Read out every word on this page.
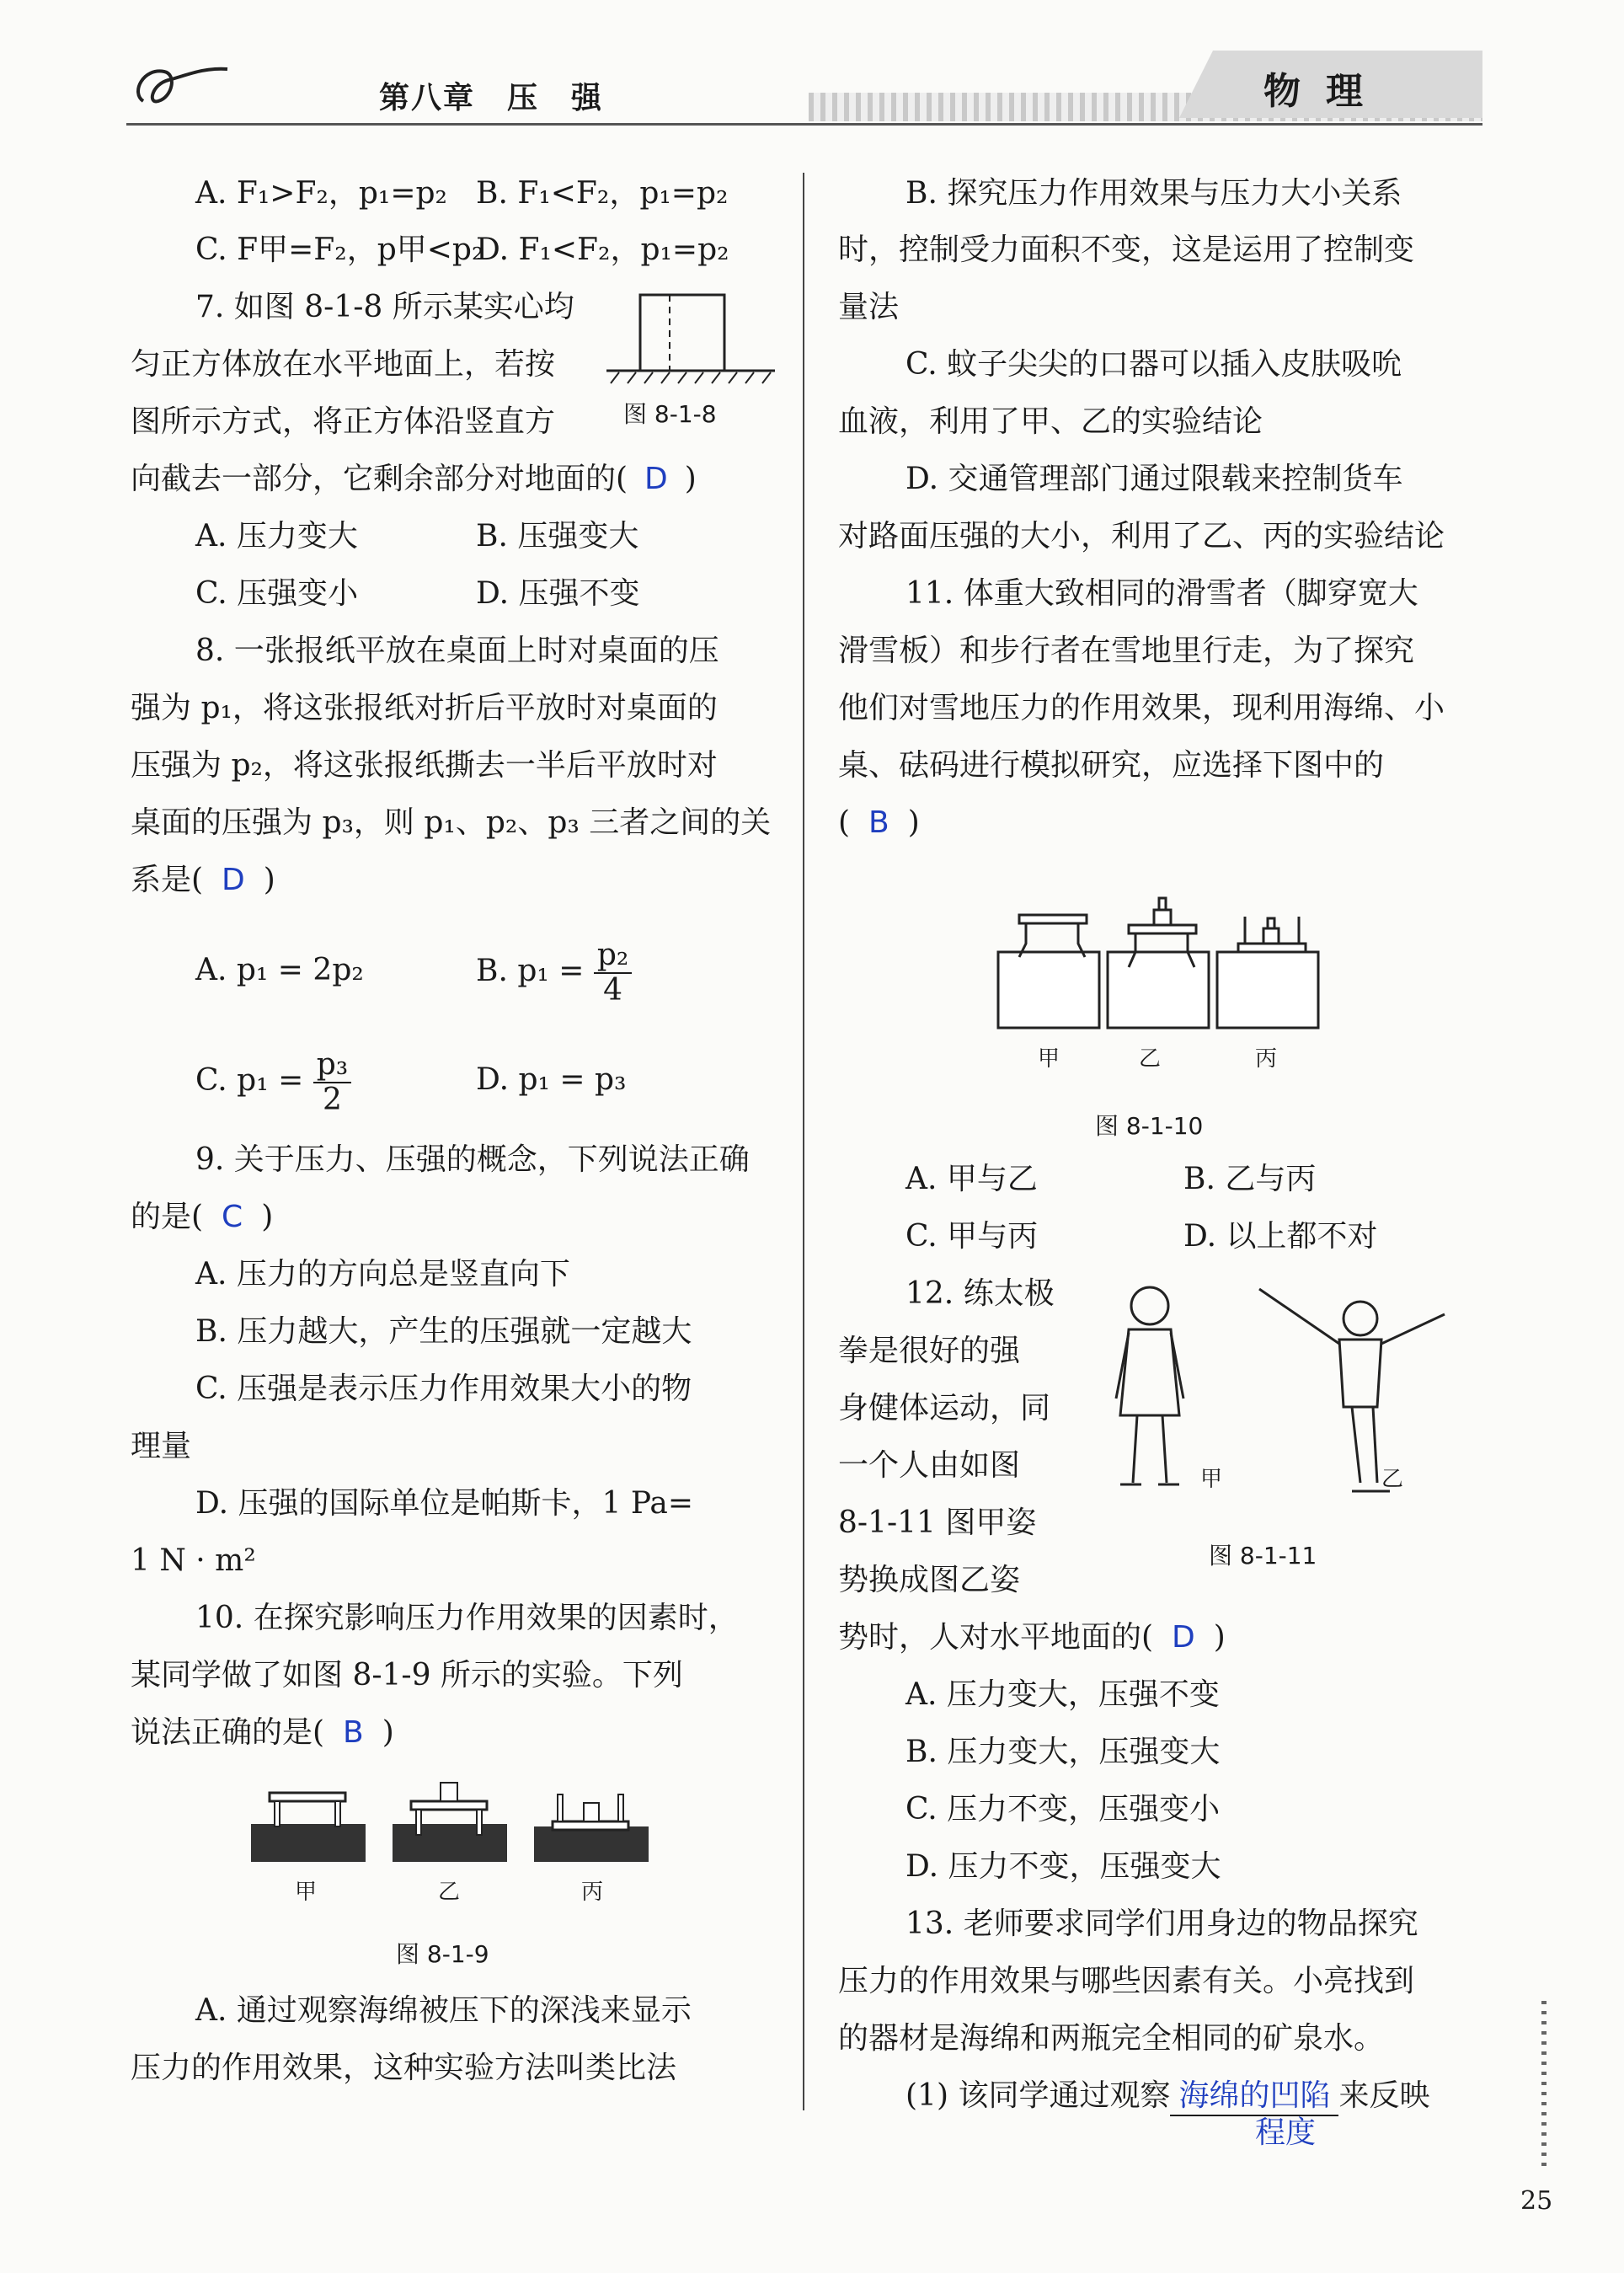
第八章　压　强	物理
A. F₁>F₂，p₁=p₂ B. F₁<F₂，p₁=p₂
C. F甲=F₂，p甲<p₂
D. F₁<F₂，p₁=p₂
7. 如图 8-1-8 所示某实心均
匀正方体放在水平地面上，若按
图所示方式，将正方体沿竖直方
向截去一部分，它剩余部分对地面的( D )
图 8-1-8
A. 压力变大	B. 压强变大
C. 压强变小	D. 压强不变
8. 一张报纸平放在桌面上时对桌面的压
强为 p₁，将这张报纸对折后平放时对桌面的
压强为 p₂，将这张报纸撕去一半后平放时对
桌面的压强为 p₃，则 p₁、p₂、p₃ 三者之间的关
系是( D )
A. p₁ = 2p₂	B. $p_1 = \frac{\text{p₂}}{4}$
C. $p_1 = \frac{\text{p₃}}{2}$	D. p₁ = p₃
9. 关于压力、压强的概念，下列说法正确
的是( C )
A. 压力的方向总是竖直向下
B. 压力越大，产生的压强就一定越大
C. 压强是表示压力作用效果大小的物
理量
D. 压强的国际单位是帕斯卡，1 Pa=
1 N · m²
10. 在探究影响压力作用效果的因素时，
某同学做了如图 8-1-9 所示的实验。下列
说法正确的是( B )
甲	乙	丙
图 8-1-9
A. 通过观察海绵被压下的深浅来显示
压力的作用效果，这种实验方法叫类比法
B. 探究压力作用效果与压力大小关系
时，控制受力面积不变，这是运用了控制变
量法
C. 蚊子尖尖的口器可以插入皮肤吸吮
血液，利用了甲、乙的实验结论
D. 交通管理部门通过限载来控制货车
对路面压强的大小，利用了乙、丙的实验结论
11. 体重大致相同的滑雪者（脚穿宽大
滑雪板）和步行者在雪地里行走，为了探究
他们对雪地压力的作用效果，现利用海绵、小
桌、砝码进行模拟研究，应选择下图中的
( B )
甲	乙	丙
图 8-1-10
A. 甲与乙	B. 乙与丙
C. 甲与丙	D. 以上都不对
12. 练太极
拳是很好的强
身健体运动，同
一个人由如图
8-1-11 图甲姿
势换成图乙姿
势时，人对水平地面的( D )
甲	乙
图 8-1-11
A. 压力变大，压强不变
B. 压力变大，压强变大
C. 压力不变，压强变小
D. 压力不变，压强变大
13. 老师要求同学们用身边的物品探究
压力的作用效果与哪些因素有关。小亮找到
的器材是海绵和两瓶完全相同的矿泉水。
(1) 该同学通过观察 海绵的凹陷 来反映
程度
25
